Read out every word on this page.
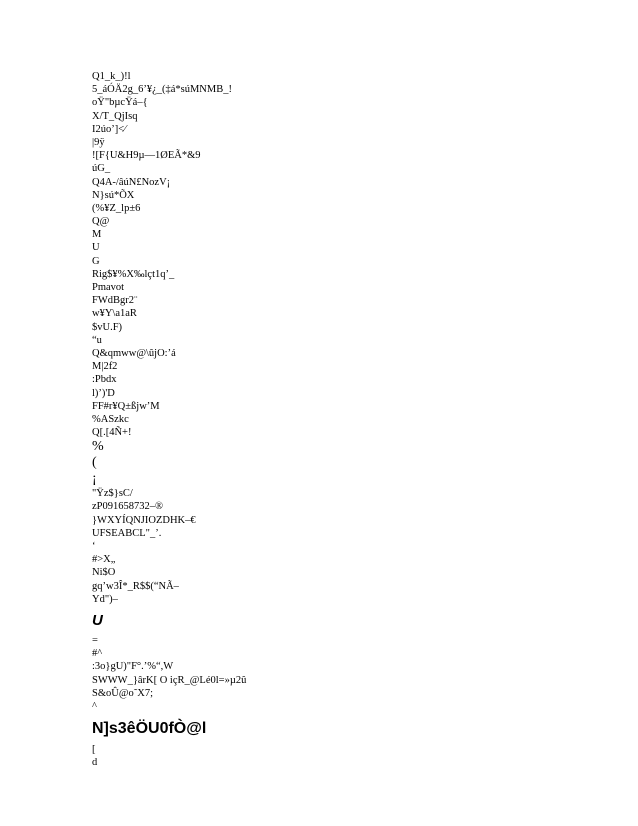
Q1_k_)!l
5_áÓÄ2g_6’¥¿_(‡á*súMNMB_!
oŸ"bµcŸá–{
X/T_QjIsq
I2úo’]<⁄
|9ÿ
![F{U&H9µ—1ØEÃ*&9
úG_
Q4A-/âúN£NozV¡
N}sú*ÕX
(%¥Z_lp±6
Q@
M
U
G
Rig$¥%X‰lçt1q’_
Pmavot
FWdBgr2¨
w¥Y\a1aR
$vU.F)
“u
Q&qmww@\ûjO:’á
M|2f2
:Pbdx
l)’)'D
FF#r¥Q±ßjw’M
%ASzkc
Q[.[4Ñ+!
%
(
¡
"Ÿz$}sC/
zP091658732–®
}WXYÍQNJIOZDHK–€
UFSEABCL"_’.
‘
#>X„
Ni$O
gq’w3Î*_R$$(“NÃ–
Yd")–
U
=
#^
:3o}gU)"F°.’%“,W
SWWW_}ârK[ O içR_@Lé0l=»µ2û
S&oÛ@o˜X7;
^
N]s3êÖU0fÒ@l
[
d
